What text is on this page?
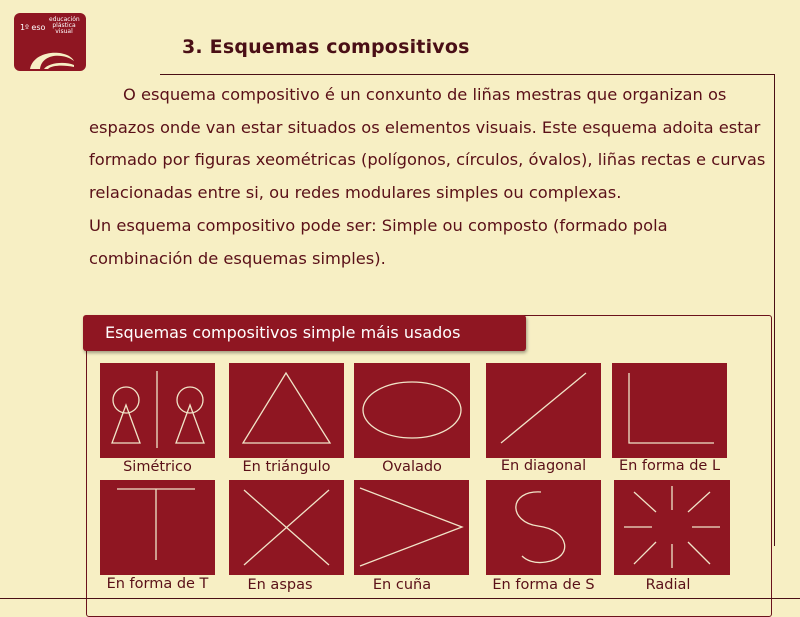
1º eso
educación
plástica
visual
3. Esquemas compositivos

O esquema compositivo é un conxunto de liñas mestras que organizan os espazos onde van estar situados os elementos visuais. Este esquema adoita estar formado por figuras xeométricas (polígonos, círculos, óvalos), liñas rectas e curvas relacionadas entre si, ou redes modulares simples ou complexas.

Un esquema compositivo pode ser: Simple ou composto (formado pola combinación de esquemas simples).

Esquemas compositivos simple máis usados
Simétrico	En triángulo	Ovalado	En diagonal	En forma de L
En forma de T	En aspas	En cuña	En forma de S	Radial
